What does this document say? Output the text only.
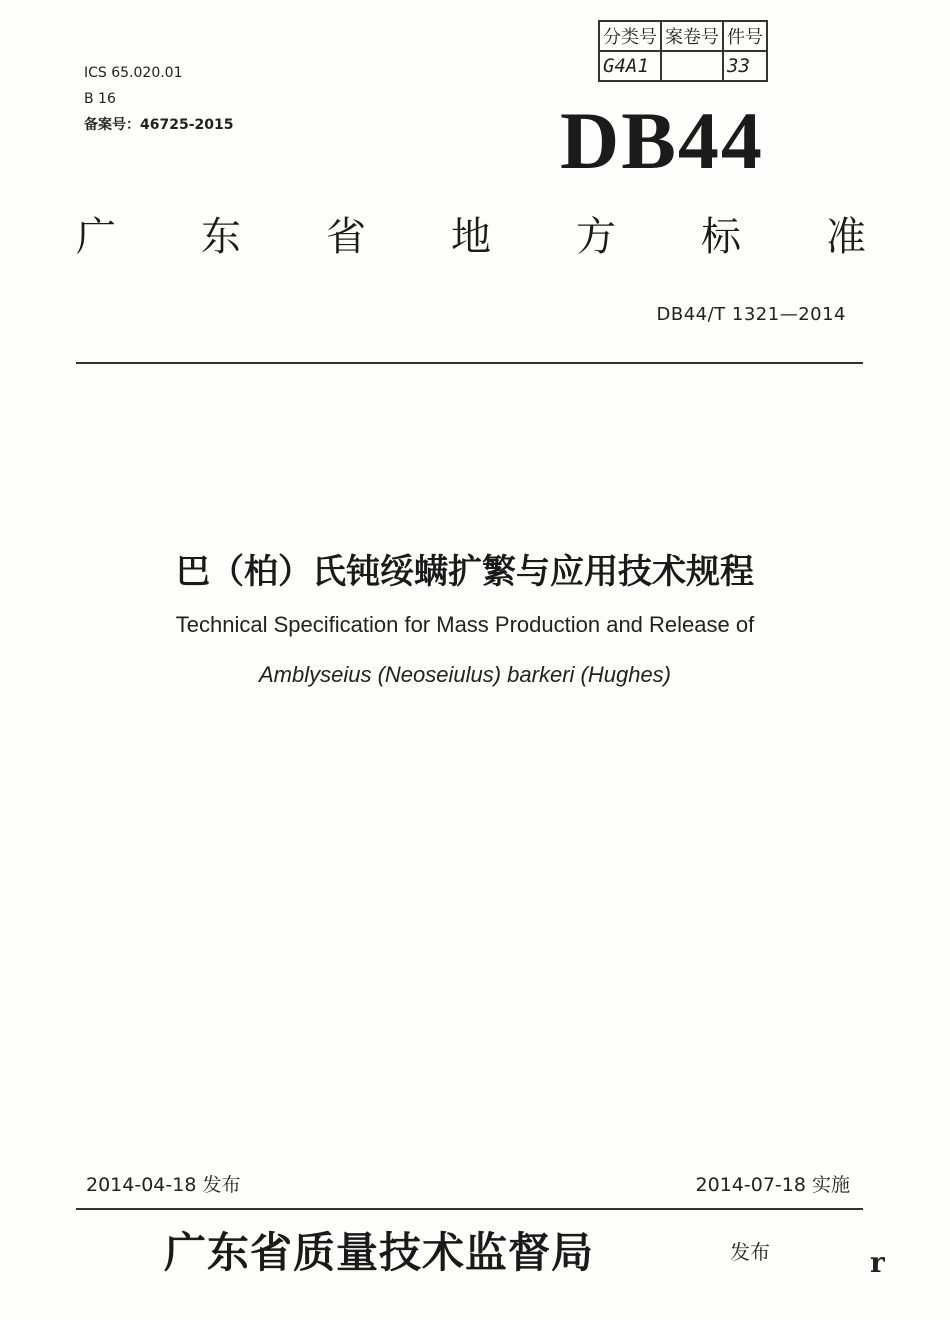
ICS 65.020.01
B 16
备案号：46725-2015
分类号	案卷号	件号
G4A1		33
DB44
广 东 省 地 方 标 准
DB44/T 1321—2014
巴（柏）氏钝绥螨扩繁与应用技术规程
Technical Specification for Mass Production and Release of
Amblyseius (Neoseiulus) barkeri (Hughes)
2014-04-18 发布	2014-07-18 实施
广东省质量技术监督局	发布	r
